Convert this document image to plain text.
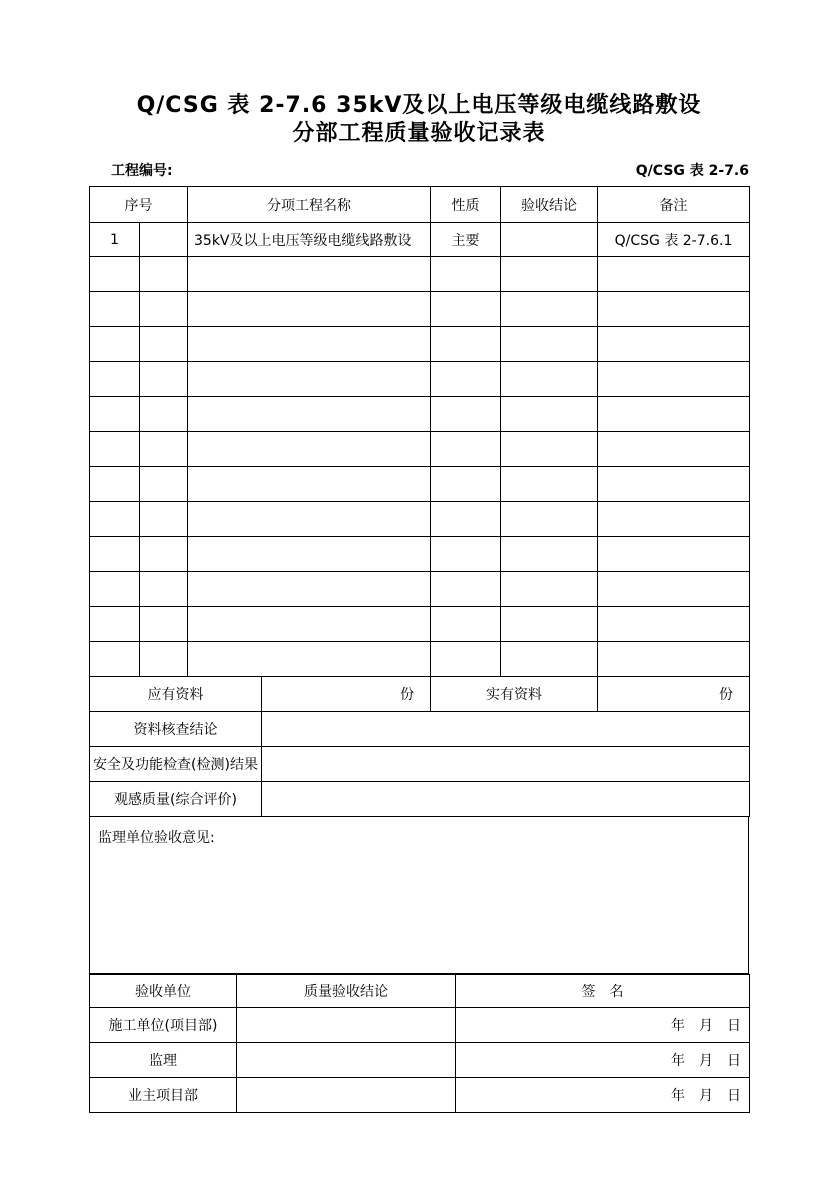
Q/CSG 表 2-7.6 35kV及以上电压等级电缆线路敷设
分部工程质量验收记录表
工程编号:	Q/CSG 表 2-7.6
序号		分项工程名称	性质	验收结论	备注
1		35kV及以上电压等级电缆线路敷设	主要		Q/CSG 表 2-7.6.1

应有资料	份	实有资料	份
资料核查结论			
安全及功能检查(检测)结果			
观感质量(综合评价)			
监理单位验收意见:
验收单位	质量验收结论	签　名
施工单位(项目部)		年　月　日
监理		年　月　日
业主项目部		年　月　日
